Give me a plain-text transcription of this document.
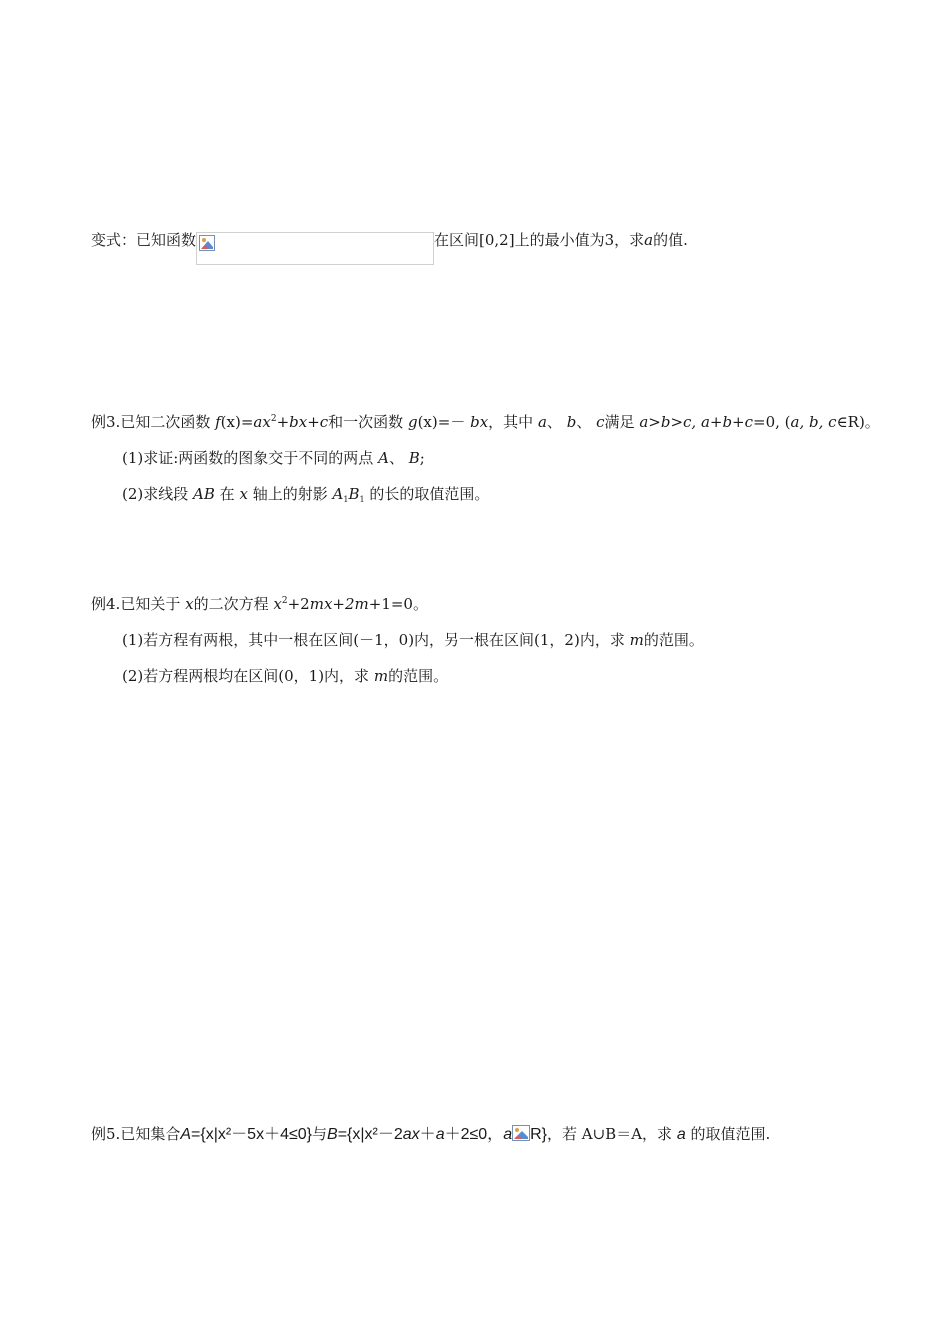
变式：已知函数	在区间[0,2]上的最小值为3，求a的值.
例3.已知二次函数 $f(x)=ax^2+bx+c$和一次函数 g(x)=－ bx，其中 a、 b、 c满足 a>b>c, a+b+c=0, (a, b, c∈R)。
(1)求证:两函数的图象交于不同的两点 A、 B;
(2)求线段 AB 在 x 轴上的射影 $A_1B_1$ 的长的取值范围。
例4.已知关于 x的二次方程 $x^2+2mx+2m+1=0$。
(1)若方程有两根，其中一根在区间(－1，0)内，另一根在区间(1，2)内，求 m的范围。
(2)若方程两根均在区间(0，1)内，求 m的范围。
例5.已知集合A={x|x²－5x＋4≤0}与B={x|x²－2ax＋a＋2≤0，a R}，若 A∪B＝A，求 a 的取值范围.
